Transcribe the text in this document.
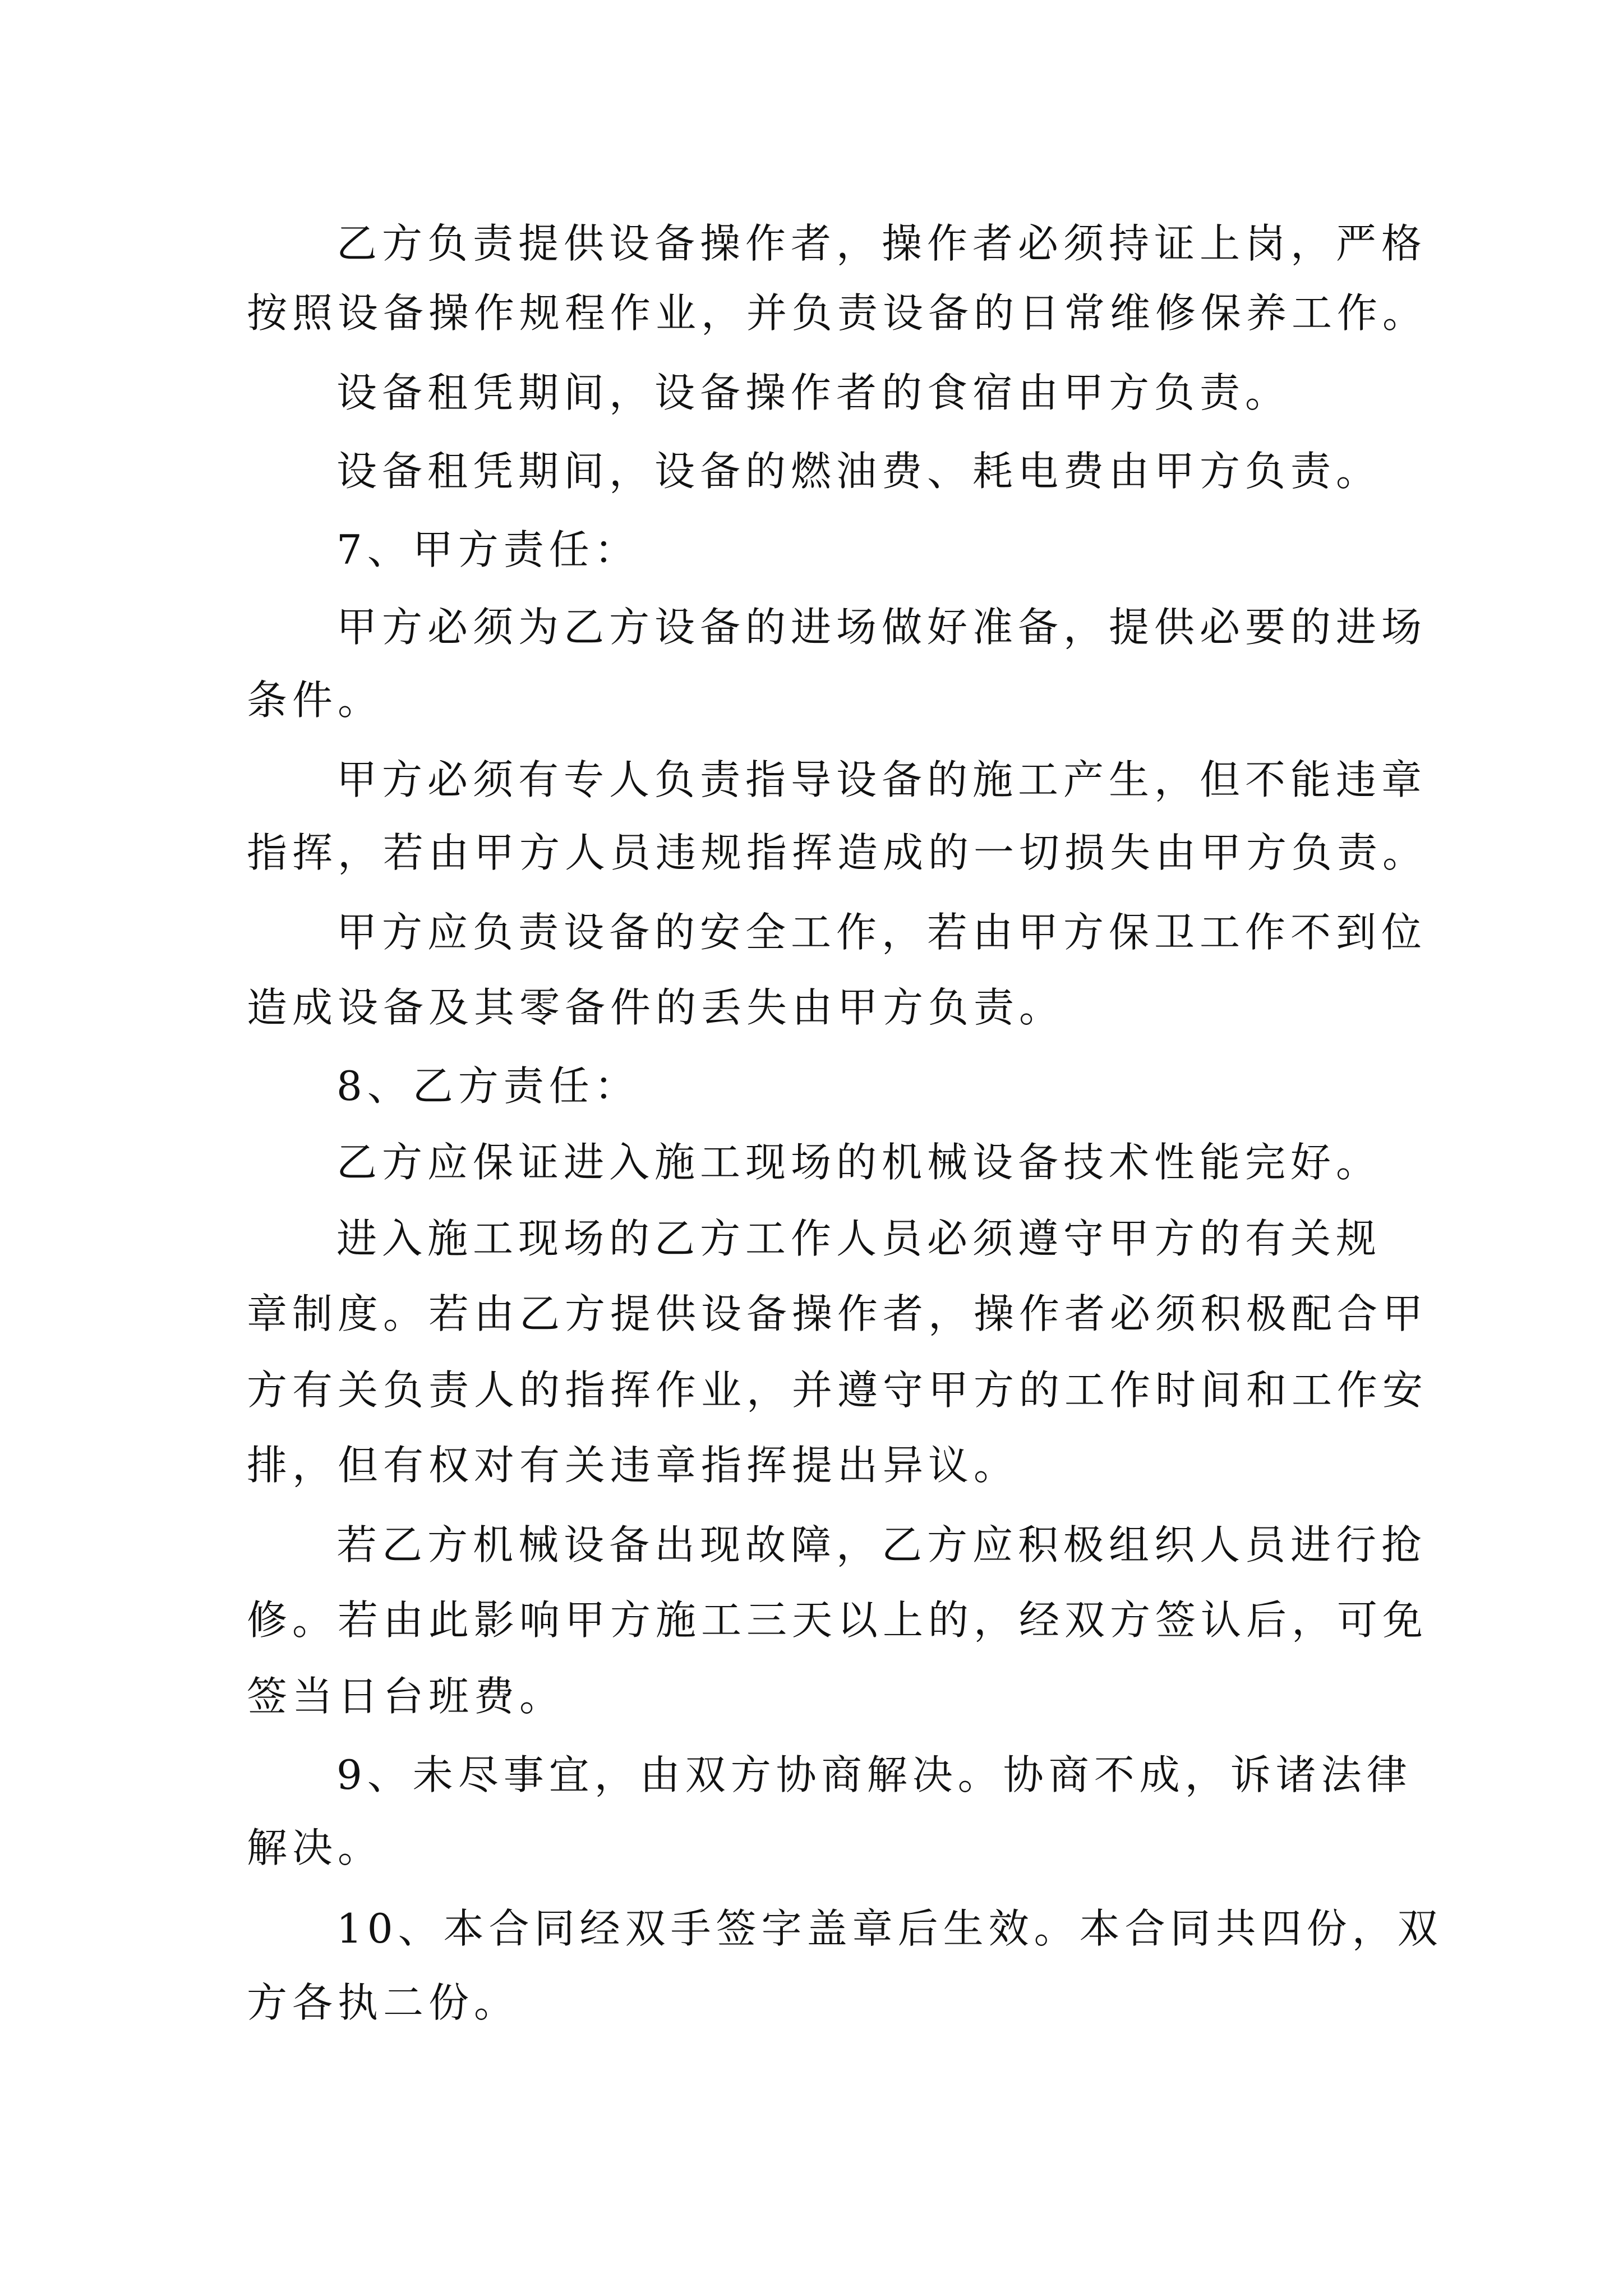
乙方负责提供设备操作者，操作者必须持证上岗，严格
按照设备操作规程作业，并负责设备的日常维修保养工作。
设备租凭期间，设备操作者的食宿由甲方负责。
设备租凭期间，设备的燃油费、耗电费由甲方负责。
7、甲方责任：
甲方必须为乙方设备的进场做好准备，提供必要的进场
条件。
甲方必须有专人负责指导设备的施工产生，但不能违章
指挥，若由甲方人员违规指挥造成的一切损失由甲方负责。
甲方应负责设备的安全工作，若由甲方保卫工作不到位
造成设备及其零备件的丢失由甲方负责。
8、乙方责任：
乙方应保证进入施工现场的机械设备技术性能完好。
进入施工现场的乙方工作人员必须遵守甲方的有关规
章制度。若由乙方提供设备操作者，操作者必须积极配合甲
方有关负责人的指挥作业，并遵守甲方的工作时间和工作安
排，但有权对有关违章指挥提出异议。
若乙方机械设备出现故障，乙方应积极组织人员进行抢
修。若由此影响甲方施工三天以上的，经双方签认后，可免
签当日台班费。
9、未尽事宜，由双方协商解决。协商不成，诉诸法律
解决。
10、本合同经双手签字盖章后生效。本合同共四份，双
方各执二份。
